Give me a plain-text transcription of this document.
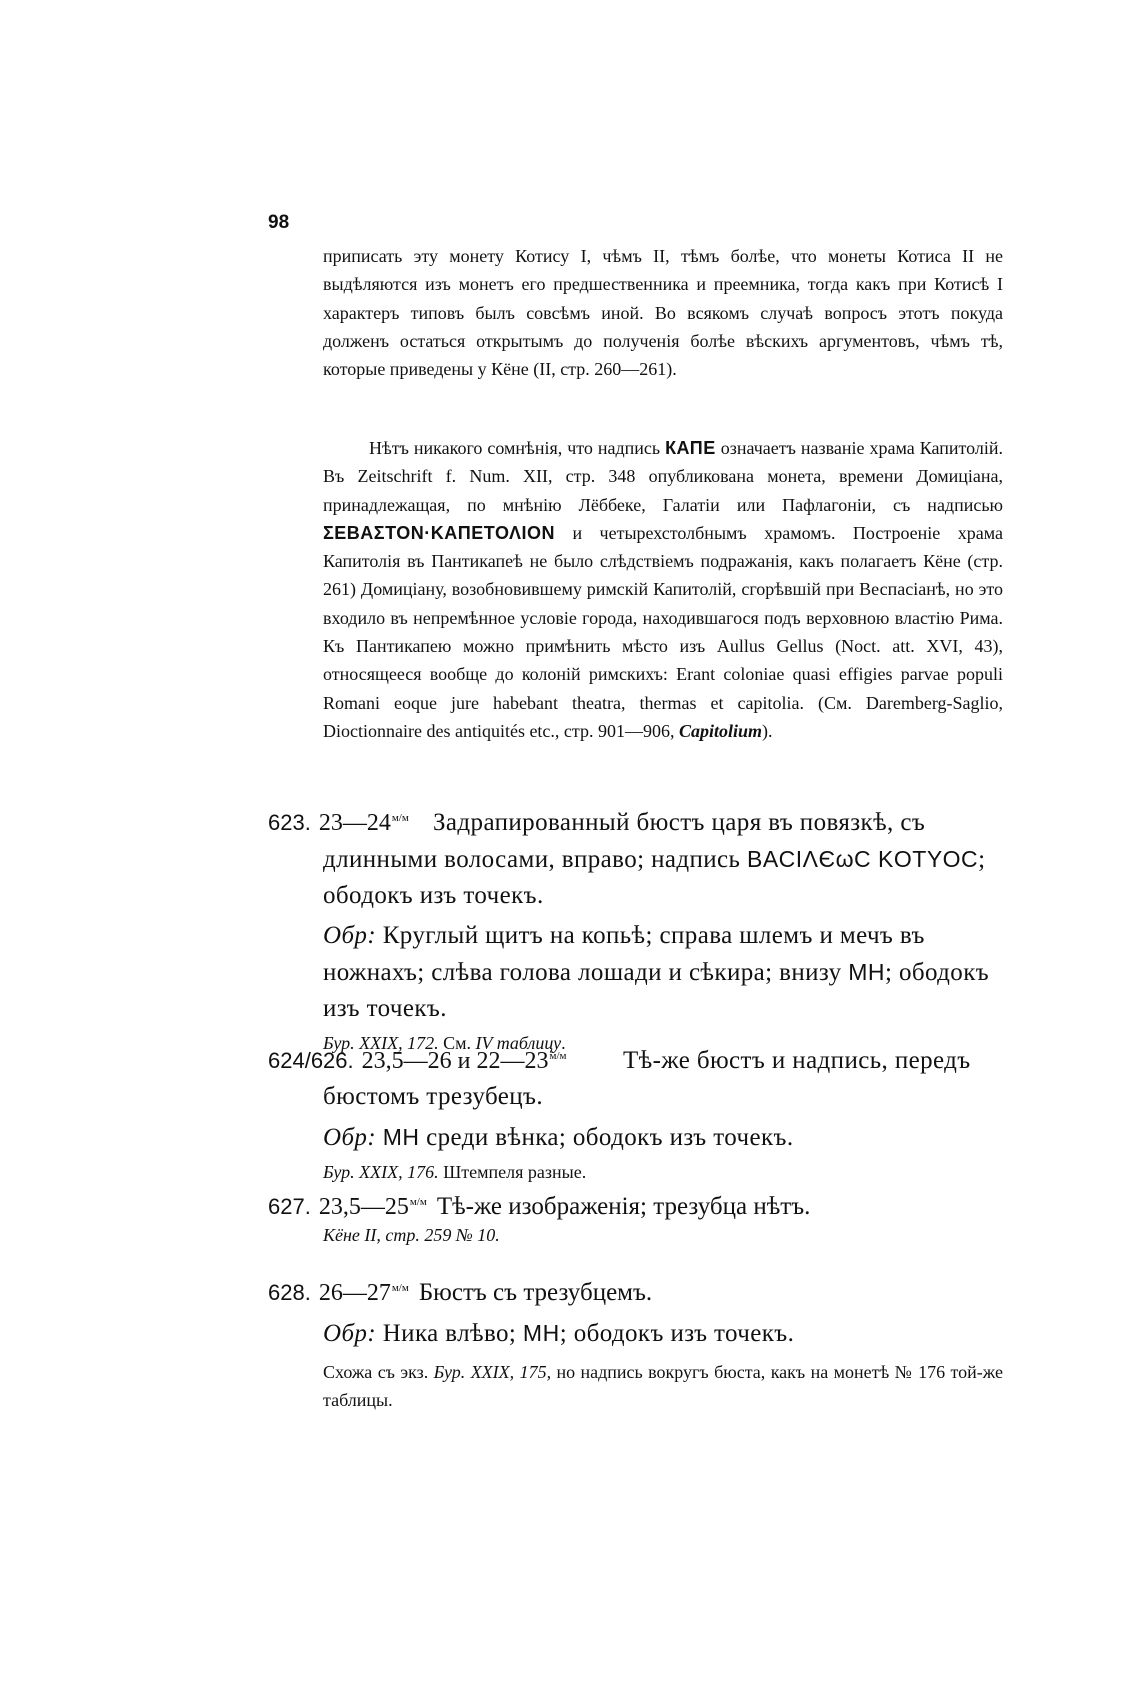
98

приписать эту монету Котису I, чѣмъ II, тѣмъ болѣе, что монеты Котиса II не выдѣляются изъ монетъ его предшественника и преемника, тогда какъ при Котисѣ I характеръ типовъ былъ совсѣмъ иной. Во всякомъ случаѣ вопросъ этотъ покуда долженъ остаться открытымъ до полученія болѣе вѣскихъ аргументовъ, чѣмъ тѣ, которые приведены у Кёне (II, стр. 260—261).

Нѣтъ никакого сомнѣнія, что надпись КАПЕ означаетъ названіе храма Капитолій. Въ Zeitschrift f. Num. XII, стр. 348 опубликована монета, времени Домиціана, принадлежащая, по мнѣнію Лёббеке, Галатіи или Пафлагоніи, съ надписью ΣΕΒΑΣΤΟΝ·ΚΑΠΕΤΟΛΙΟΝ и четырехстолбнымъ храмомъ. Построеніе храма Капитолія въ Пантикапеѣ не было слѣдствіемъ подражанія, какъ полагаетъ Кёне (стр. 261) Домиціану, возобновившему римскій Капитолій, сгорѣвшій при Веспасіанѣ, но это входило въ непремѣнное условіе города, находившагося подъ верховною властію Рима. Къ Пантикапею можно примѣнить мѣсто изъ Aullus Gellus (Noct. att. XVI, 43), относящееся вообще до колоній римскихъ: Erant coloniae quasi effigies parvae populi Romani eoque jure habebant theatra, thermas et capitolia. (См. Daremberg-Saglio, Dioctionnaire des antiquités etc., стр. 901—906, Capitolium).

623. $23—24^{м/м}$ Задрапированный бюстъ царя въ повязкѣ, съ длинными волосами, вправо; надпись BACIΛЄωC KOTYOC; ободокъ изъ точекъ.
Обр: Круглый щитъ на копьѣ; справа шлемъ и мечъ въ ножнахъ; слѣва голова лошади и сѣкира; внизу MH; ободокъ изъ точекъ.
Бур. XXIX, 172. См. IV таблицу.
624/626. 23,5—26 и $22—23^{м/м}$	Тѣ-же бюстъ и надпись, передъ бюстомъ трезубецъ.
Обр: MH среди вѣнка; ободокъ изъ точекъ.
Бур. XXIX, 176. Штемпеля разные.
627. $23,5—25^{м/м}$ Тѣ-же изображенія; трезубца нѣтъ.
Кёне II, стр. 259 № 10.
628. $26—27^{м/м}$ Бюстъ съ трезубцемъ.
Обр: Ника влѣво; MH; ободокъ изъ точекъ.
Схожа съ экз. Бур. XXIX, 175, но надпись вокругъ бюста, какъ на монетѣ № 176 той-же таблицы.
